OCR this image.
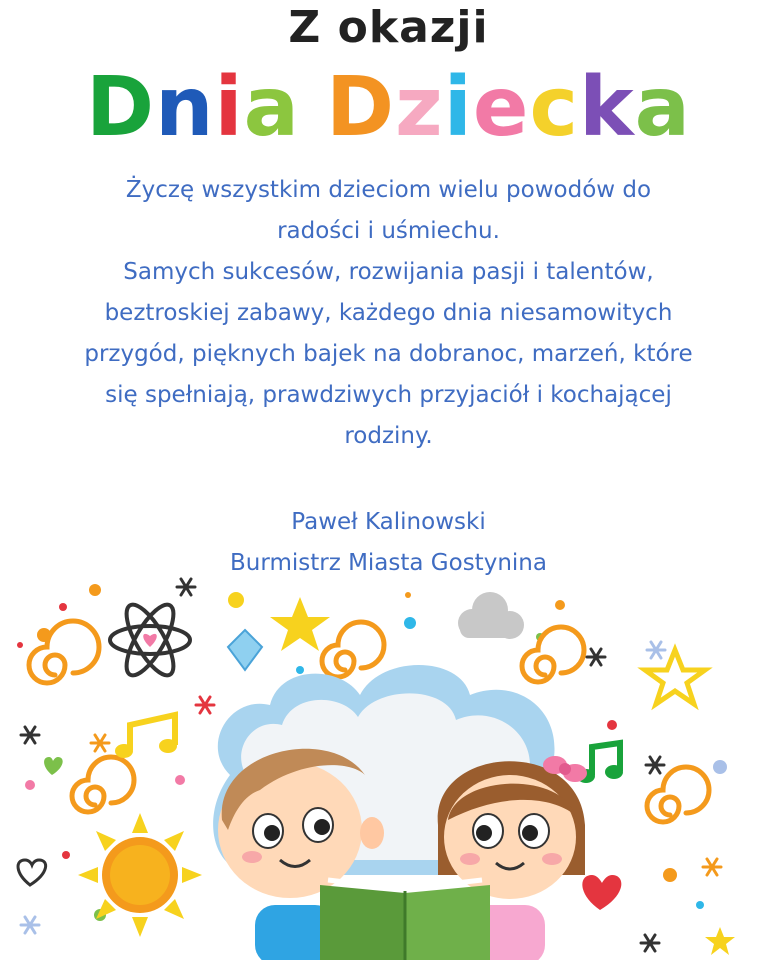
Z okazji
Dnia Dziecka
Życzę wszystkim dzieciom wielu powodów do
radości i uśmiechu.
Samych sukcesów, rozwijania pasji i talentów,
beztroskiej zabawy, każdego dnia niesamowitych
przygód, pięknych bajek na dobranoc, marzeń, które
się spełniają, prawdziwych przyjaciół i kochającej
rodziny.
Paweł Kalinowski
Burmistrz Miasta Gostynina
